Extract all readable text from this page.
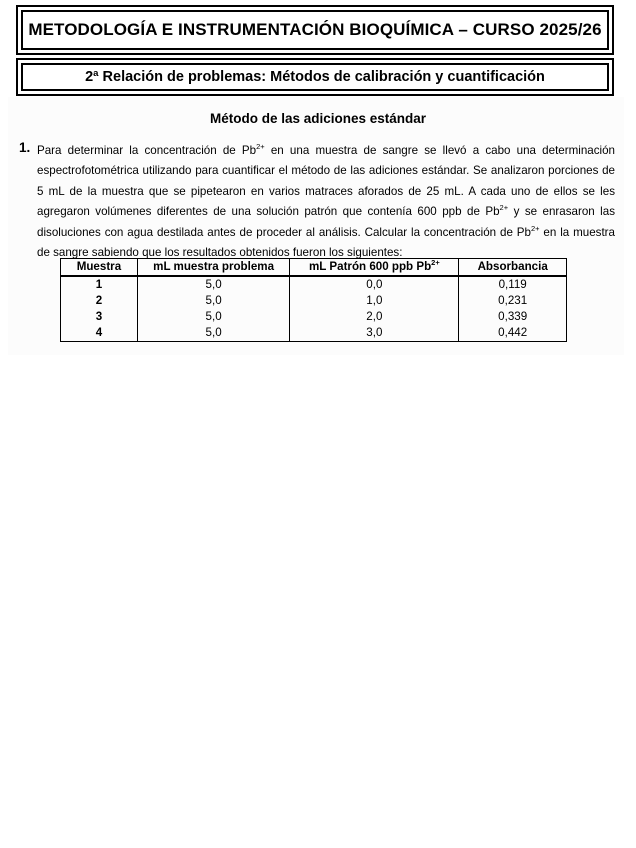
METODOLOGÍA E INSTRUMENTACIÓN BIOQUÍMICA – CURSO 2025/26
2ª Relación de problemas: Métodos de calibración y cuantificación
Método de las adiciones estándar
1. Para determinar la concentración de $Pb^{2+}$ en una muestra de sangre se llevó a cabo una determinación espectrofotométrica utilizando para cuantificar el método de las adiciones estándar. Se analizaron porciones de 5 mL de la muestra que se pipetearon en varios matraces aforados de 25 mL. A cada uno de ellos se les agregaron volúmenes diferentes de una solución patrón que contenía 600 ppb de $Pb^{2+}$ y se enrasaron las disoluciones con agua destilada antes de proceder al análisis. Calcular la concentración de $Pb^{2+}$ en la muestra de sangre sabiendo que los resultados obtenidos fueron los siguientes:

Muestra	mL muestra problema	mL Patrón 600 ppb $Pb^{2+}$	Absorbancia
1	5,0	0,0	0,119
2	5,0	1,0	0,231
3	5,0	2,0	0,339
4	5,0	3,0	0,442
